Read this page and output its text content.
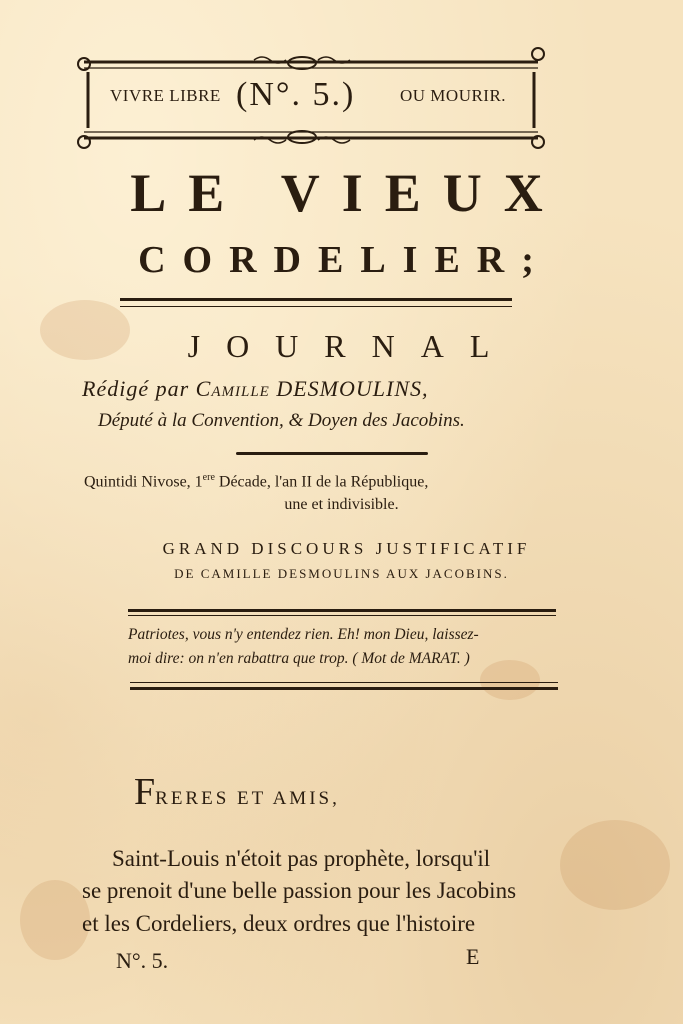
VIVRE LIBRE (N°. 5.)	OU MOURIR.
LE VIEUX
CORDELIER;
JOURNAL
Rédigé par Camille DESMOULINS,
Député à la Convention, & Doyen des Jacobins.
Quintidi Nivose, 1ere Décade, l'an II de la République,
une et indivisible.
GRAND DISCOURS JUSTIFICATIF
DE CAMILLE DESMOULINS AUX JACOBINS.
Patriotes, vous n'y entendez rien. Eh! mon Dieu, laissez-
moi dire: on n'en rabattra que trop. ( Mot de MARAT. )
FRERES ET AMIS,
Saint-Louis n'étoit pas prophète, lorsqu'il
se prenoit d'une belle passion pour les Jacobins
et les Cordeliers, deux ordres que l'histoire
N°. 5.	E
